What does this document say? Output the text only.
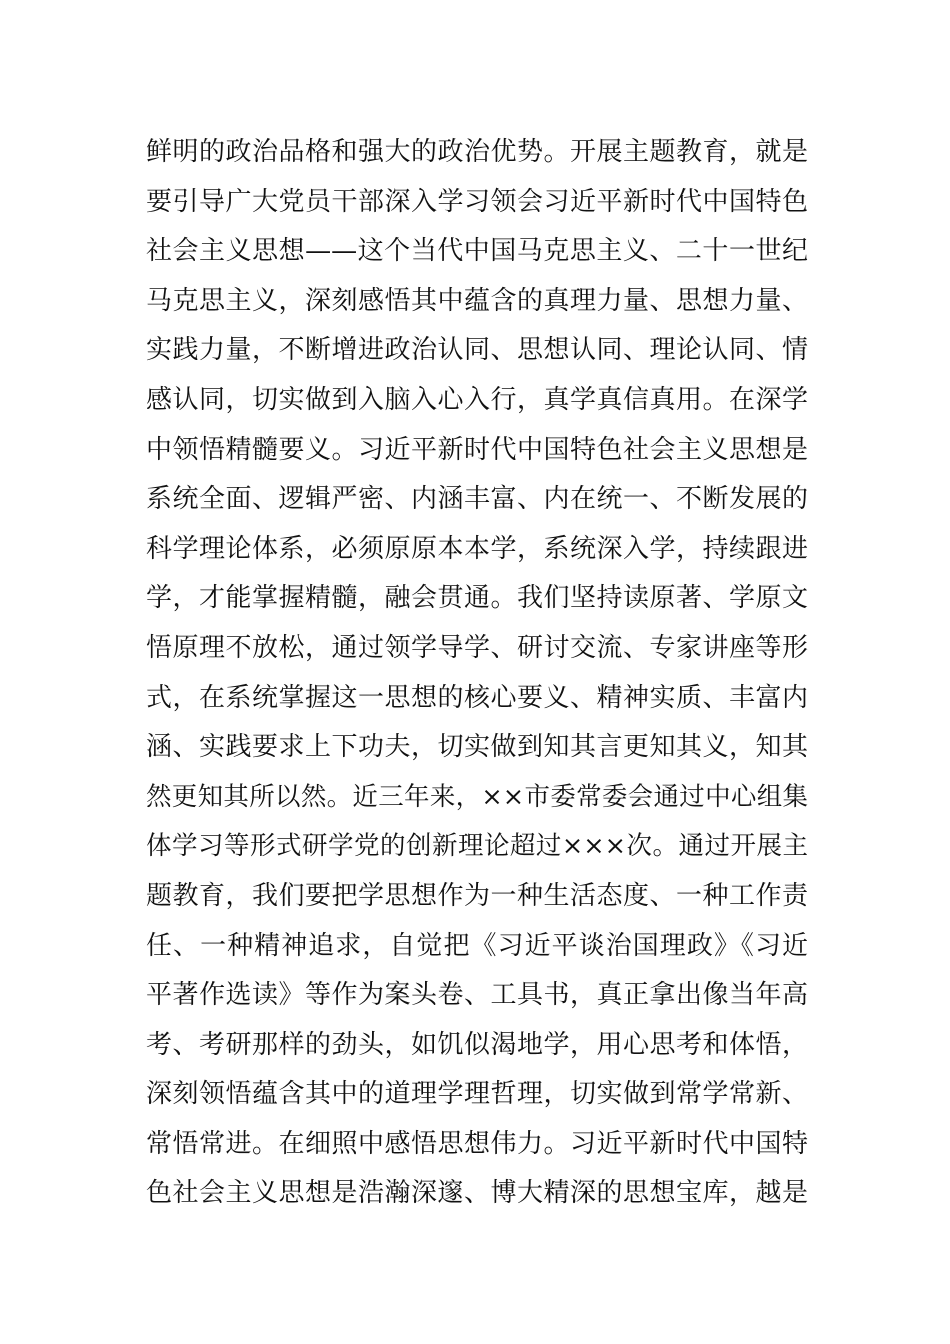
鲜明的政治品格和强大的政治优势。开展主题教育，就是
要引导广大党员干部深入学习领会习近平新时代中国特色
社会主义思想——这个当代中国马克思主义、二十一世纪
马克思主义，深刻感悟其中蕴含的真理力量、思想力量、
实践力量，不断增进政治认同、思想认同、理论认同、情
感认同，切实做到入脑入心入行，真学真信真用。在深学
中领悟精髓要义。习近平新时代中国特色社会主义思想是
系统全面、逻辑严密、内涵丰富、内在统一、不断发展的
科学理论体系，必须原原本本学，系统深入学，持续跟进
学，才能掌握精髓，融会贯通。我们坚持读原著、学原文
悟原理不放松，通过领学导学、研讨交流、专家讲座等形
式，在系统掌握这一思想的核心要义、精神实质、丰富内
涵、实践要求上下功夫，切实做到知其言更知其义，知其
然更知其所以然。近三年来，××市委常委会通过中心组集
体学习等形式研学党的创新理论超过×××次。通过开展主
题教育，我们要把学思想作为一种生活态度、一种工作责
任、一种精神追求，自觉把《习近平谈治国理政》《习近
平著作选读》等作为案头卷、工具书，真正拿出像当年高
考、考研那样的劲头，如饥似渴地学，用心思考和体悟，
深刻领悟蕴含其中的道理学理哲理，切实做到常学常新、
常悟常进。在细照中感悟思想伟力。习近平新时代中国特
色社会主义思想是浩瀚深邃、博大精深的思想宝库，越是
